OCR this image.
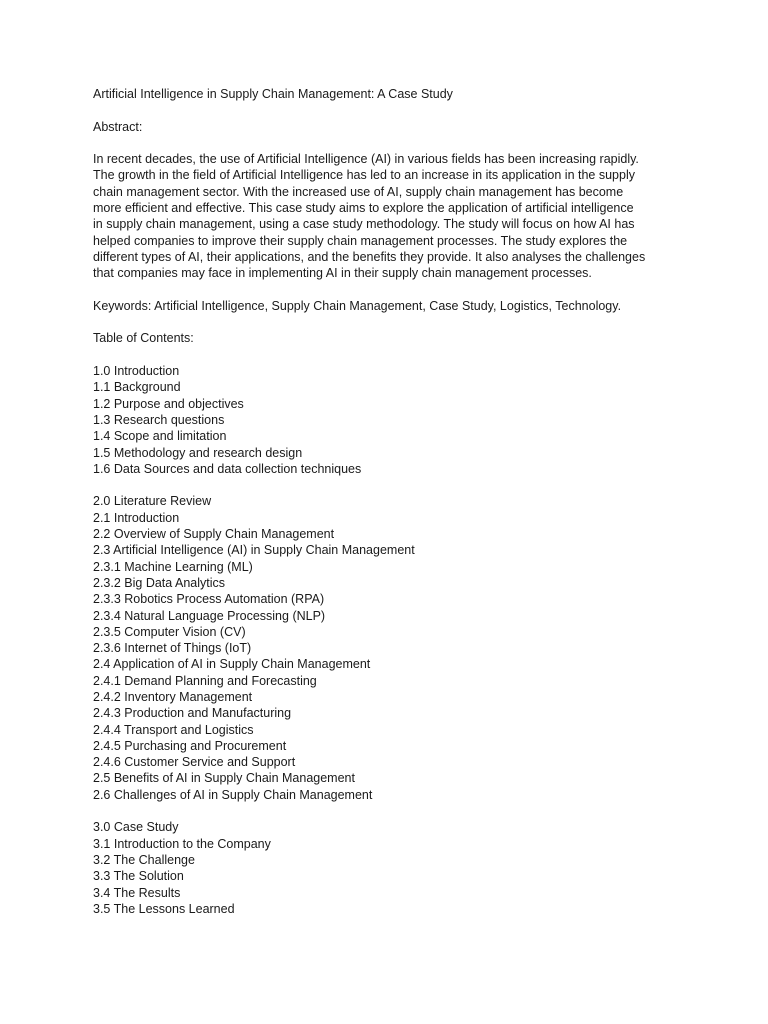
Artificial Intelligence in Supply Chain Management: A Case Study
Abstract:
In recent decades, the use of Artificial Intelligence (AI) in various fields has been increasing rapidly.
The growth in the field of Artificial Intelligence has led to an increase in its application in the supply
chain management sector. With the increased use of AI, supply chain management has become
more efficient and effective. This case study aims to explore the application of artificial intelligence
in supply chain management, using a case study methodology. The study will focus on how AI has
helped companies to improve their supply chain management processes. The study explores the
different types of AI, their applications, and the benefits they provide. It also analyses the challenges
that companies may face in implementing AI in their supply chain management processes.
Keywords: Artificial Intelligence, Supply Chain Management, Case Study, Logistics, Technology.
Table of Contents:
1.0 Introduction
1.1 Background
1.2 Purpose and objectives
1.3 Research questions
1.4 Scope and limitation
1.5 Methodology and research design
1.6 Data Sources and data collection techniques
2.0 Literature Review
2.1 Introduction
2.2 Overview of Supply Chain Management
2.3 Artificial Intelligence (AI) in Supply Chain Management
2.3.1 Machine Learning (ML)
2.3.2 Big Data Analytics
2.3.3 Robotics Process Automation (RPA)
2.3.4 Natural Language Processing (NLP)
2.3.5 Computer Vision (CV)
2.3.6 Internet of Things (IoT)
2.4 Application of AI in Supply Chain Management
2.4.1 Demand Planning and Forecasting
2.4.2 Inventory Management
2.4.3 Production and Manufacturing
2.4.4 Transport and Logistics
2.4.5 Purchasing and Procurement
2.4.6 Customer Service and Support
2.5 Benefits of AI in Supply Chain Management
2.6 Challenges of AI in Supply Chain Management
3.0 Case Study
3.1 Introduction to the Company
3.2 The Challenge
3.3 The Solution
3.4 The Results
3.5 The Lessons Learned
